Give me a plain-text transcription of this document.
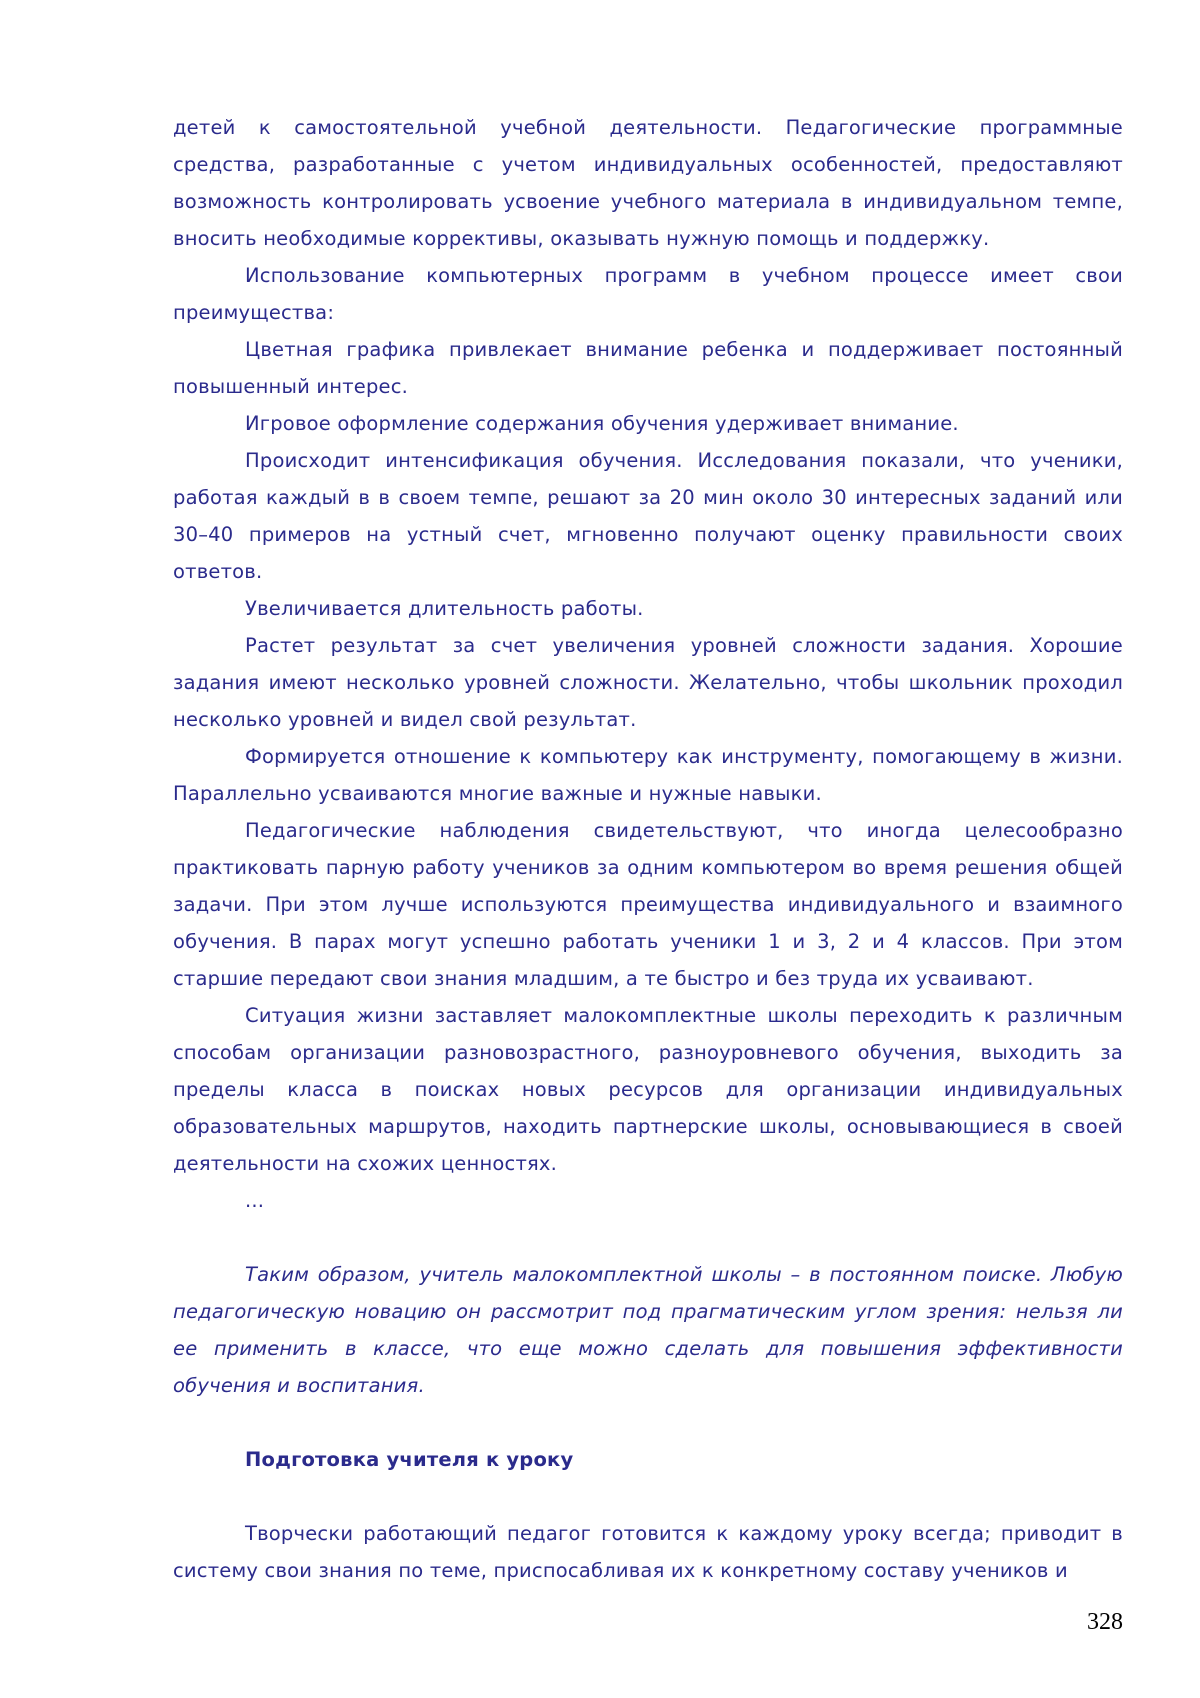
детей к самостоятельной учебной деятельности. Педагогические программные средства, разработанные с учетом индивидуальных особенностей, предоставляют возможность контролировать усвоение учебного материала в индивидуальном темпе, вносить необходимые коррективы, оказывать нужную помощь и поддержку.

Использование компьютерных программ в учебном процессе имеет свои преимущества:

Цветная графика привлекает внимание ребенка и поддерживает постоянный повышенный интерес.

Игровое оформление содержания обучения удерживает внимание.

Происходит интенсификация обучения. Исследования показали, что ученики, работая каждый в в своем темпе, решают за 20 мин около 30 интересных заданий или 30–40 примеров на устный счет, мгновенно получают оценку правильности своих ответов.

Увеличивается длительность работы.

Растет результат за счет увеличения уровней сложности задания. Хорошие задания имеют несколько уровней сложности. Желательно, чтобы школьник проходил несколько уровней и видел свой результат.

Формируется отношение к компьютеру как инструменту, помогающему в жизни. Параллельно усваиваются многие важные и нужные навыки.

Педагогические наблюдения свидетельствуют, что иногда целесообразно практиковать парную работу учеников за одним компьютером во время решения общей задачи. При этом лучше используются преимущества индивидуального и взаимного обучения. В парах могут успешно работать ученики 1 и 3, 2 и 4 классов. При этом старшие передают свои знания младшим, а те быстро и без труда их усваивают.

Ситуация жизни заставляет малокомплектные школы переходить к различным способам организации разновозрастного, разноуровневого обучения, выходить за пределы класса в поисках новых ресурсов для организации индивидуальных образовательных маршрутов, находить партнерские школы, основывающиеся в своей деятельности на схожих ценностях.

...

Таким образом, учитель малокомплектной школы – в постоянном поиске. Любую педагогическую новацию он рассмотрит под прагматическим углом зрения: нельзя ли ее применить в классе, что еще можно сделать для повышения эффективности обучения и воспитания.

Подготовка учителя к уроку

Творчески работающий педагог готовится к каждому уроку всегда; приводит в систему свои знания по теме, приспосабливая их к конкретному составу учеников и

328
